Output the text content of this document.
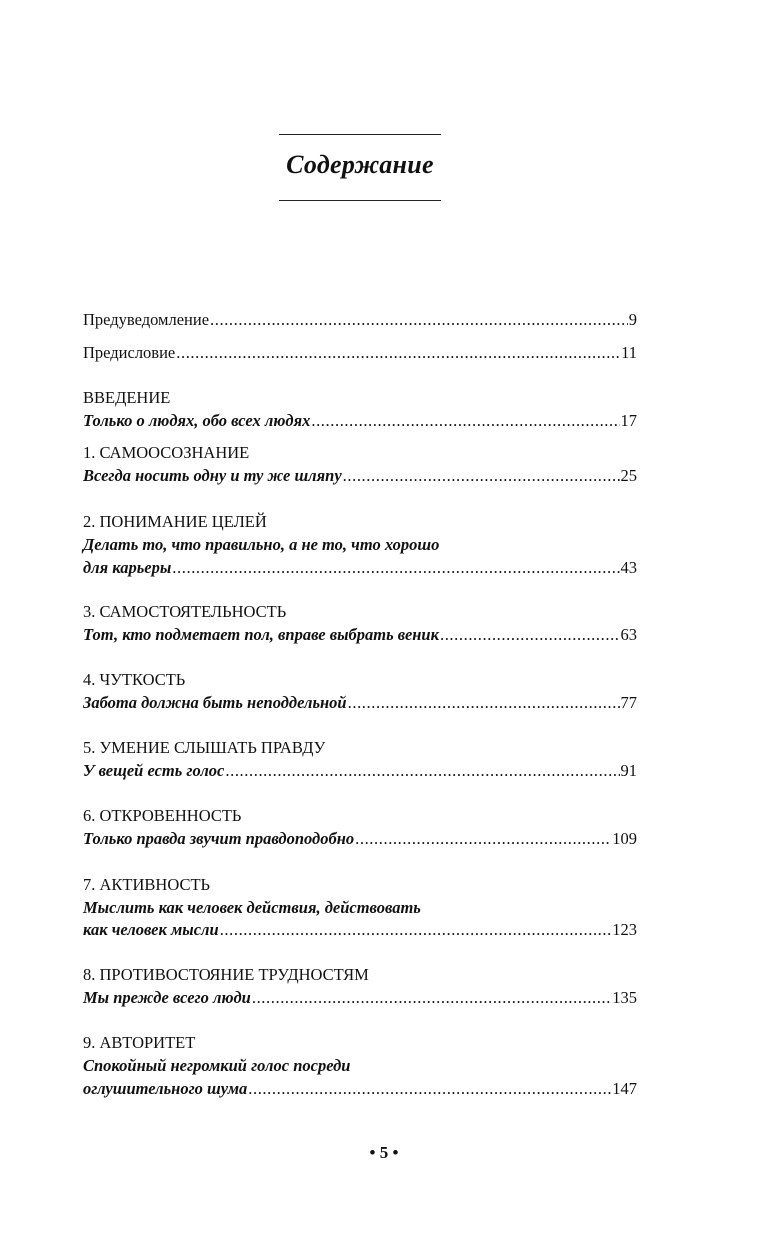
Содержание
Предуведомление .....	9
Предисловие .....	11
ВВЕДЕНИЕ
Только о людях, обо всех людях .....	17
1. САМООСОЗНАНИЕ
Всегда носить одну и ту же шляпу .....	25
2. ПОНИМАНИЕ ЦЕЛЕЙ
Делать то, что правильно, а не то, что хорошо
для карьеры .....	43
3. САМОСТОЯТЕЛЬНОСТЬ
Тот, кто подметает пол, вправе выбрать веник .....	63
4. ЧУТКОСТЬ
Забота должна быть неподдельной .....	77
5. УМЕНИЕ СЛЫШАТЬ ПРАВДУ
У вещей есть голос .....	91
6. ОТКРОВЕННОСТЬ
Только правда звучит правдоподобно .....	109
7. АКТИВНОСТЬ
Мыслить как человек действия, действовать
как человек мысли .....	123
8. ПРОТИВОСТОЯНИЕ ТРУДНОСТЯМ
Мы прежде всего люди .....	135
9. АВТОРИТЕТ
Спокойный негромкий голос посреди
оглушительного шума .....	147
• 5 •
